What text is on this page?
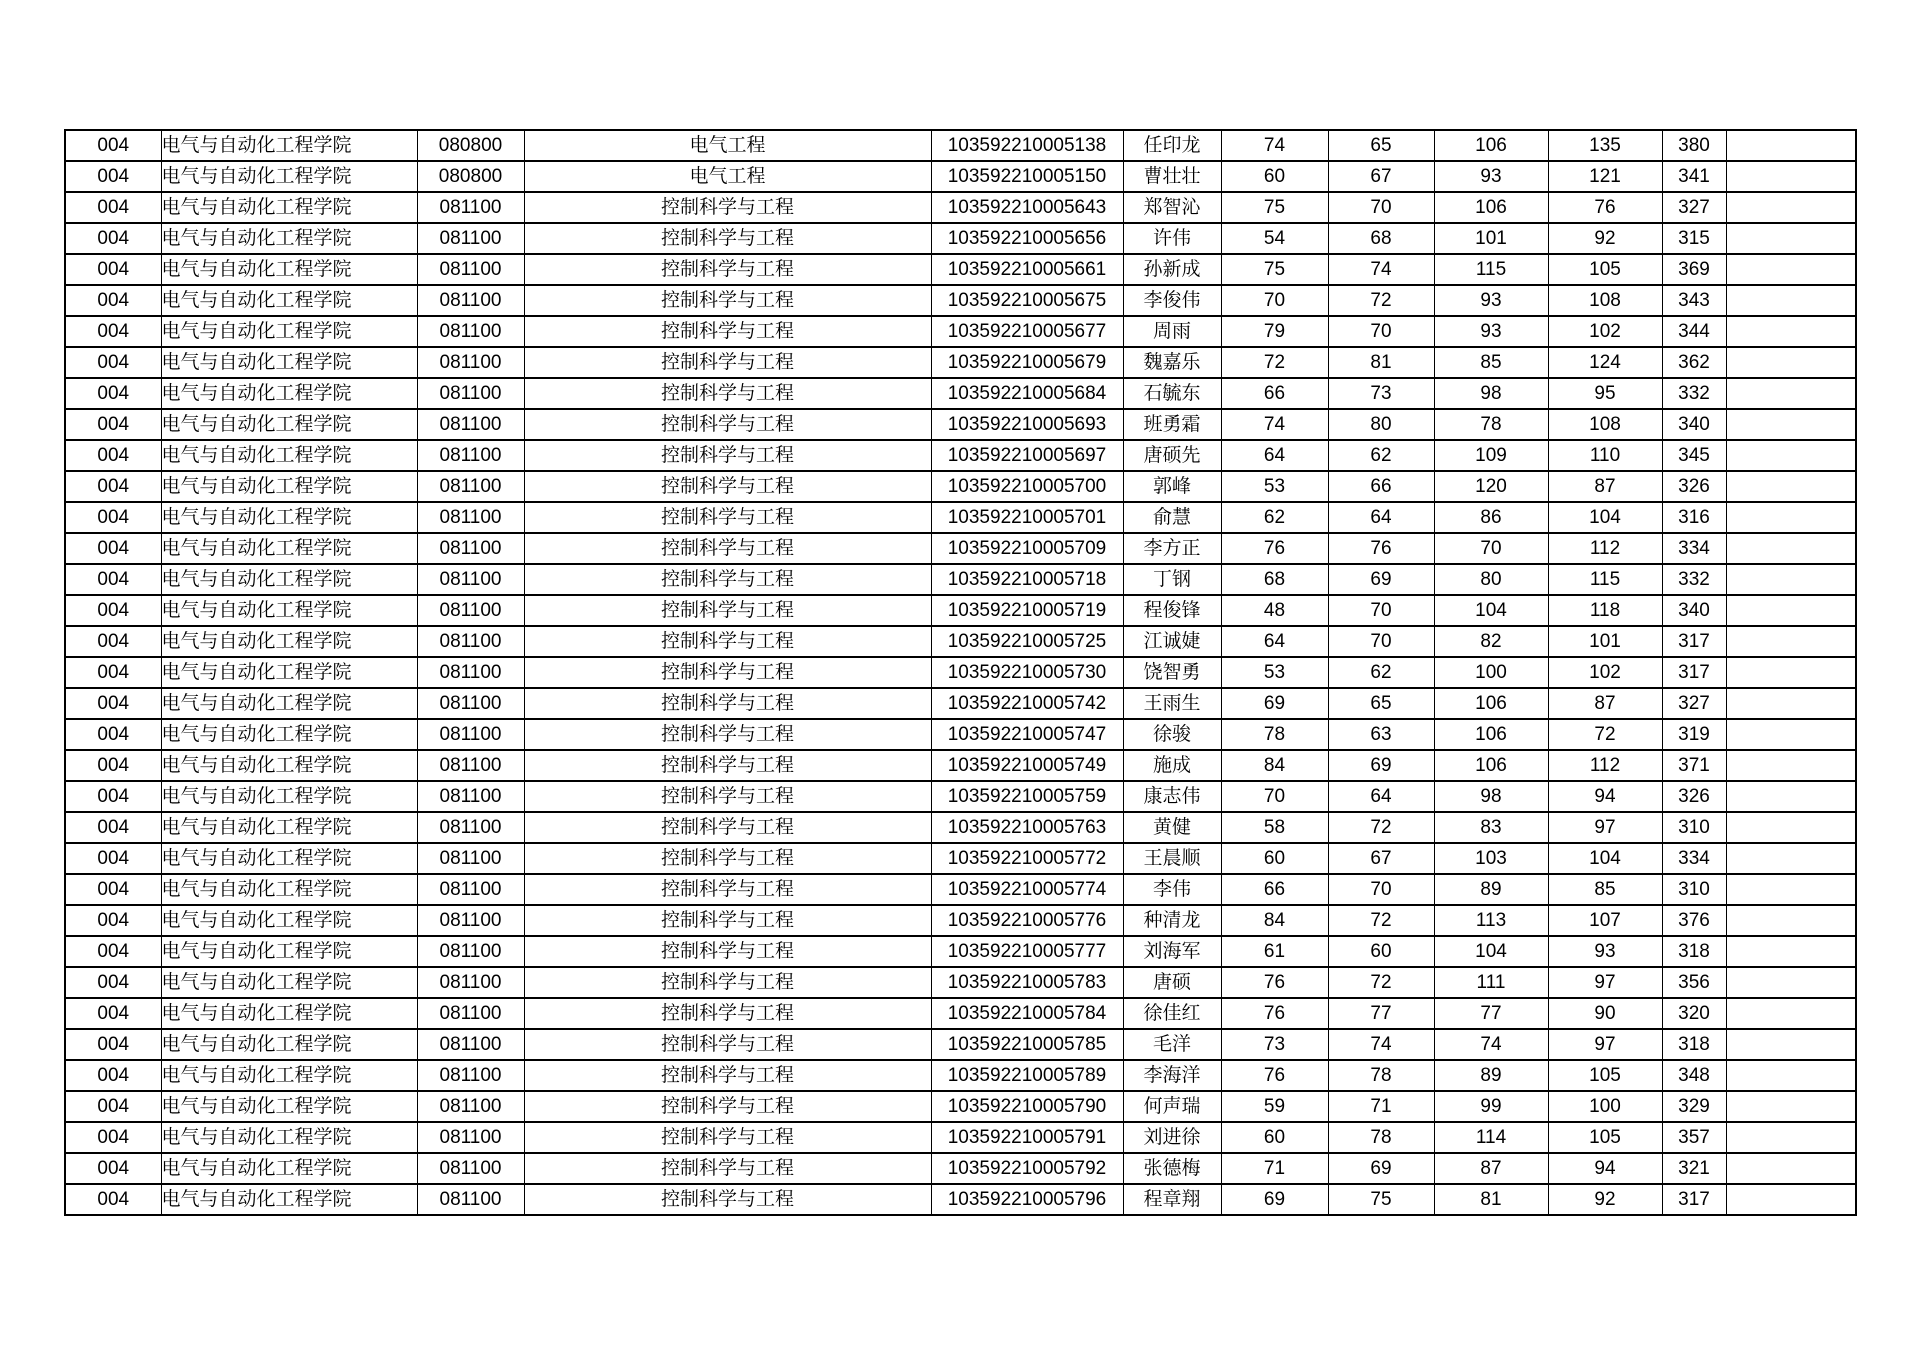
004	电气与自动化工程学院	080800	电气工程	103592210005138	任印龙	74	65	106	135	380	
004	电气与自动化工程学院	080800	电气工程	103592210005150	曹壮壮	60	67	93	121	341	
004	电气与自动化工程学院	081100	控制科学与工程	103592210005643	郑智沁	75	70	106	76	327	
004	电气与自动化工程学院	081100	控制科学与工程	103592210005656	许伟	54	68	101	92	315	
004	电气与自动化工程学院	081100	控制科学与工程	103592210005661	孙新成	75	74	115	105	369	
004	电气与自动化工程学院	081100	控制科学与工程	103592210005675	李俊伟	70	72	93	108	343	
004	电气与自动化工程学院	081100	控制科学与工程	103592210005677	周雨	79	70	93	102	344	
004	电气与自动化工程学院	081100	控制科学与工程	103592210005679	魏嘉乐	72	81	85	124	362	
004	电气与自动化工程学院	081100	控制科学与工程	103592210005684	石毓东	66	73	98	95	332	
004	电气与自动化工程学院	081100	控制科学与工程	103592210005693	班勇霜	74	80	78	108	340	
004	电气与自动化工程学院	081100	控制科学与工程	103592210005697	唐硕先	64	62	109	110	345	
004	电气与自动化工程学院	081100	控制科学与工程	103592210005700	郭峰	53	66	120	87	326	
004	电气与自动化工程学院	081100	控制科学与工程	103592210005701	俞慧	62	64	86	104	316	
004	电气与自动化工程学院	081100	控制科学与工程	103592210005709	李方正	76	76	70	112	334	
004	电气与自动化工程学院	081100	控制科学与工程	103592210005718	丁钢	68	69	80	115	332	
004	电气与自动化工程学院	081100	控制科学与工程	103592210005719	程俊锋	48	70	104	118	340	
004	电气与自动化工程学院	081100	控制科学与工程	103592210005725	江诚婕	64	70	82	101	317	
004	电气与自动化工程学院	081100	控制科学与工程	103592210005730	饶智勇	53	62	100	102	317	
004	电气与自动化工程学院	081100	控制科学与工程	103592210005742	王雨生	69	65	106	87	327	
004	电气与自动化工程学院	081100	控制科学与工程	103592210005747	徐骏	78	63	106	72	319	
004	电气与自动化工程学院	081100	控制科学与工程	103592210005749	施成	84	69	106	112	371	
004	电气与自动化工程学院	081100	控制科学与工程	103592210005759	康志伟	70	64	98	94	326	
004	电气与自动化工程学院	081100	控制科学与工程	103592210005763	黄健	58	72	83	97	310	
004	电气与自动化工程学院	081100	控制科学与工程	103592210005772	王晨顺	60	67	103	104	334	
004	电气与自动化工程学院	081100	控制科学与工程	103592210005774	李伟	66	70	89	85	310	
004	电气与自动化工程学院	081100	控制科学与工程	103592210005776	种清龙	84	72	113	107	376	
004	电气与自动化工程学院	081100	控制科学与工程	103592210005777	刘海军	61	60	104	93	318	
004	电气与自动化工程学院	081100	控制科学与工程	103592210005783	唐硕	76	72	111	97	356	
004	电气与自动化工程学院	081100	控制科学与工程	103592210005784	徐佳红	76	77	77	90	320	
004	电气与自动化工程学院	081100	控制科学与工程	103592210005785	毛洋	73	74	74	97	318	
004	电气与自动化工程学院	081100	控制科学与工程	103592210005789	李海洋	76	78	89	105	348	
004	电气与自动化工程学院	081100	控制科学与工程	103592210005790	何声瑞	59	71	99	100	329	
004	电气与自动化工程学院	081100	控制科学与工程	103592210005791	刘进徐	60	78	114	105	357	
004	电气与自动化工程学院	081100	控制科学与工程	103592210005792	张德梅	71	69	87	94	321	
004	电气与自动化工程学院	081100	控制科学与工程	103592210005796	程章翔	69	75	81	92	317	
